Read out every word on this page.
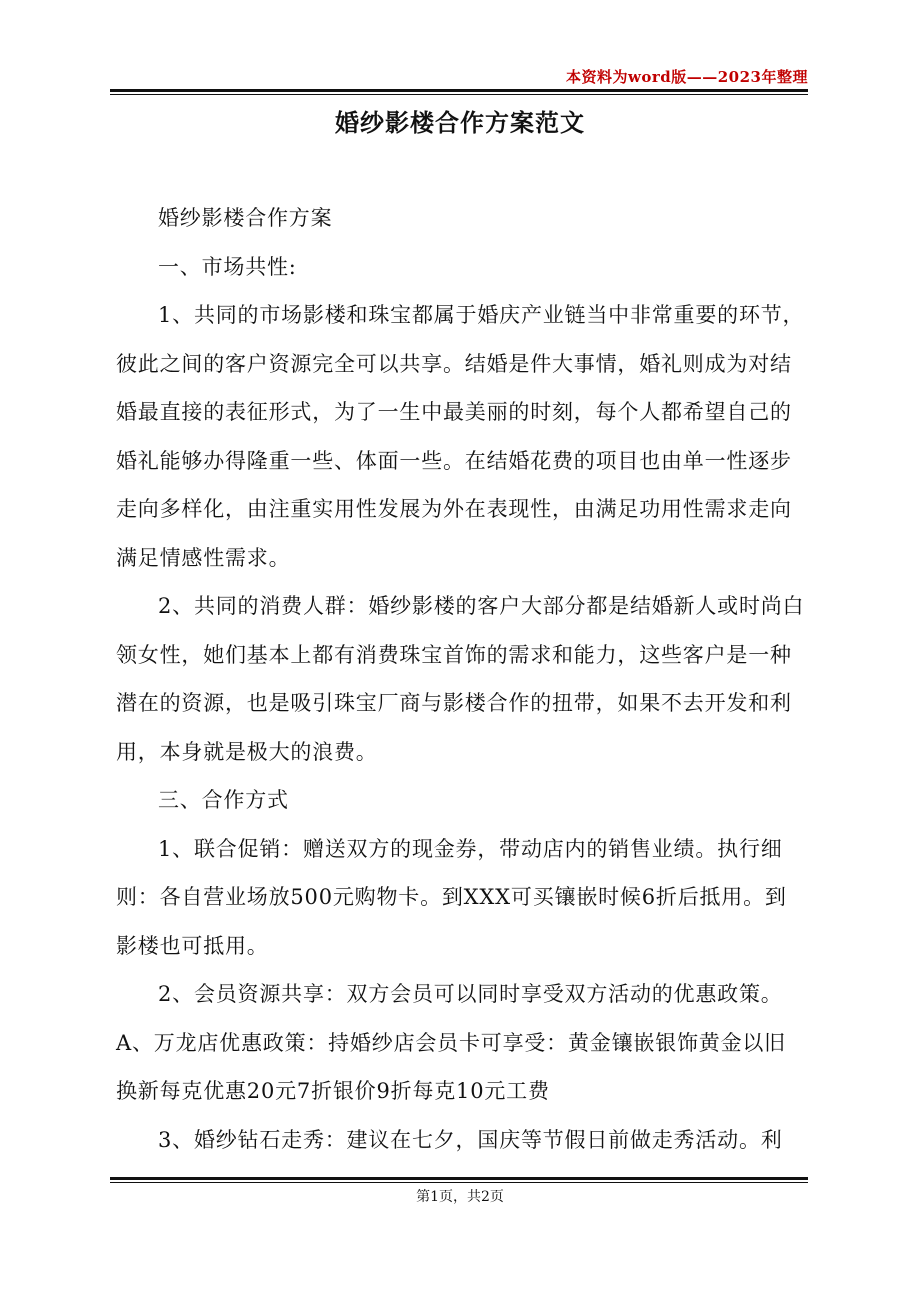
本资料为word版——2023年整理
婚纱影楼合作方案范文

婚纱影楼合作方案

一、市场共性:

1、共同的市场影楼和珠宝都属于婚庆产业链当中非常重要的环节，彼此之间的客户资源完全可以共享。结婚是件大事情，婚礼则成为对结婚最直接的表征形式，为了一生中最美丽的时刻，每个人都希望自己的婚礼能够办得隆重一些、体面一些。在结婚花费的项目也由单一性逐步走向多样化，由注重实用性发展为外在表现性，由满足功用性需求走向满足情感性需求。

2、共同的消费人群：婚纱影楼的客户大部分都是结婚新人或时尚白领女性，她们基本上都有消费珠宝首饰的需求和能力，这些客户是一种潜在的资源，也是吸引珠宝厂商与影楼合作的扭带，如果不去开发和利用，本身就是极大的浪费。

三、合作方式

1、联合促销：赠送双方的现金券，带动店内的销售业绩。执行细则：各自营业场放500元购物卡。到XXX可买镶嵌时候6折后抵用。到影楼也可抵用。

2、会员资源共享：双方会员可以同时享受双方活动的优惠政策。

A、万龙店优惠政策：持婚纱店会员卡可享受：黄金镶嵌银饰黄金以旧换新每克优惠20元7折银价9折每克10元工费

3、婚纱钻石走秀：建议在七夕，国庆等节假日前做走秀活动。利

第1页，共2页
